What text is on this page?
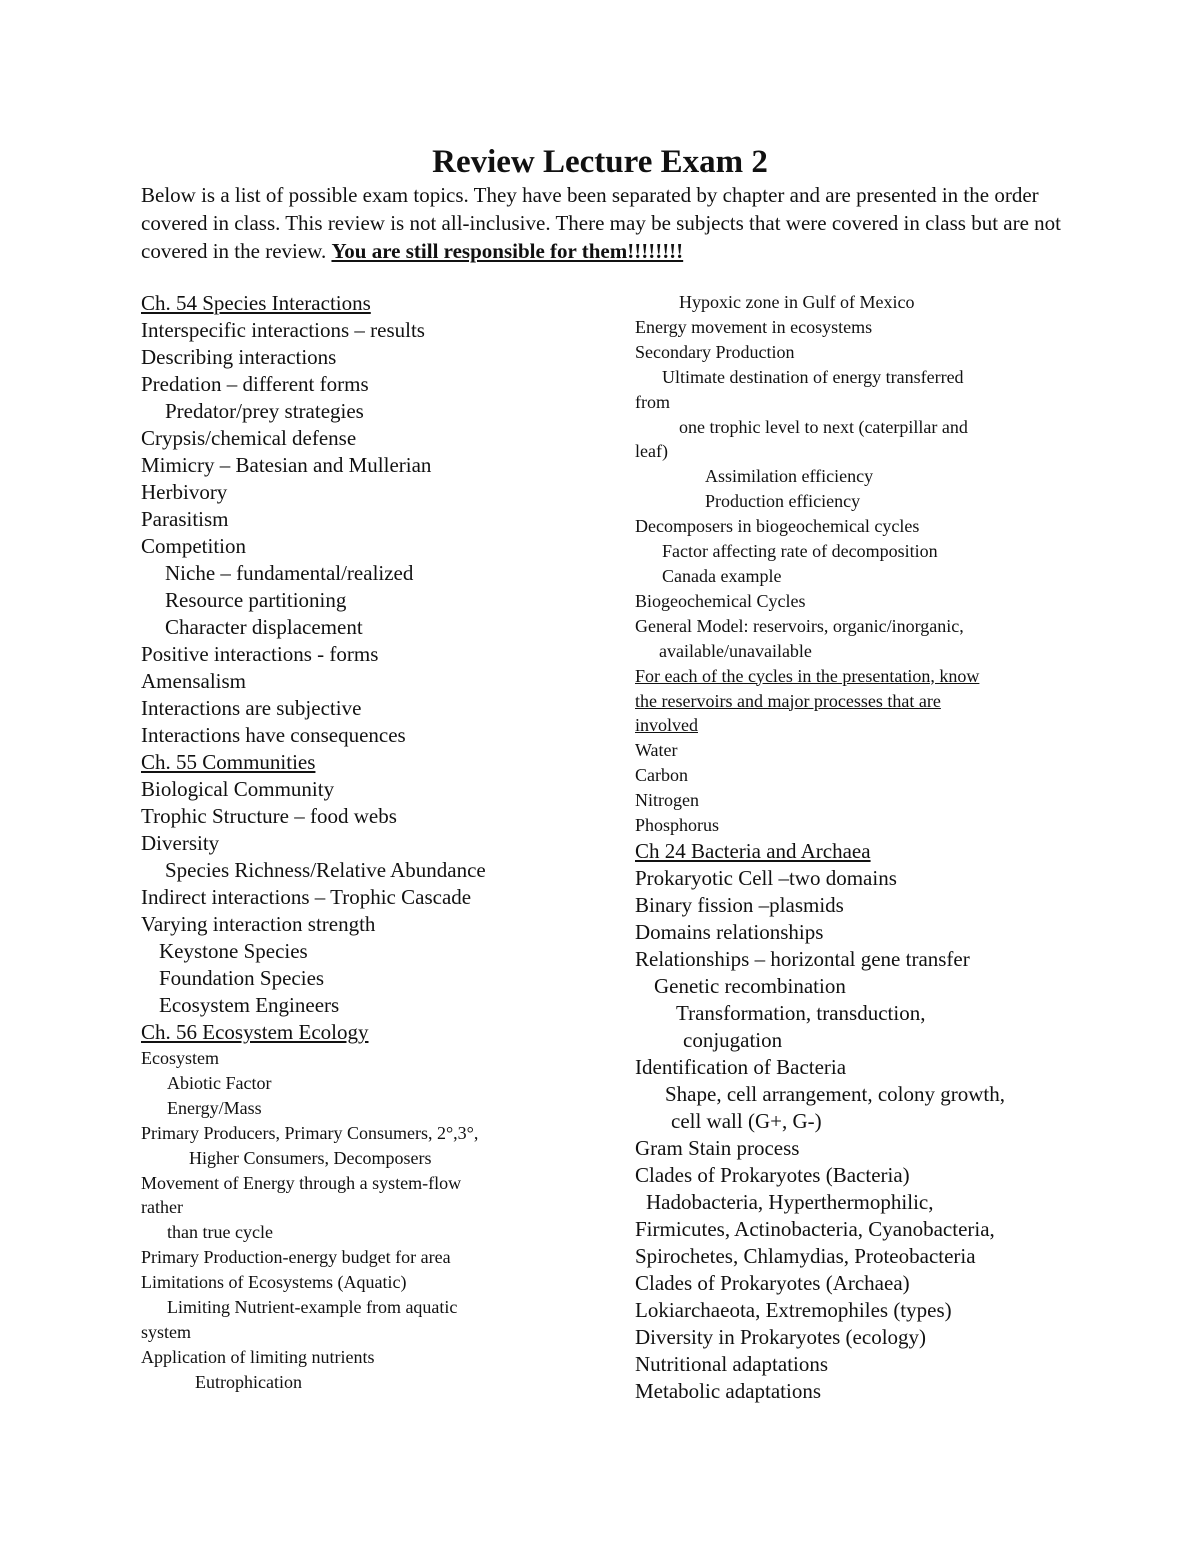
Review Lecture Exam 2
Below is a list of possible exam topics. They have been separated by chapter and are presented in the order covered in class. This review is not all-inclusive. There may be subjects that were covered in class but are not covered in the review. You are still responsible for them!!!!!!!!
Ch. 54 Species Interactions
Interspecific interactions – results
Describing interactions
Predation – different forms
Predator/prey strategies
Crypsis/chemical defense
Mimicry – Batesian and Mullerian
Herbivory
Parasitism
Competition
Niche – fundamental/realized
Resource partitioning
Character displacement
Positive interactions - forms
Amensalism
Interactions are subjective
Interactions have consequences
Ch. 55 Communities
Biological Community
Trophic Structure – food webs
Diversity
Species Richness/Relative Abundance
Indirect interactions – Trophic Cascade
Varying interaction strength
Keystone Species
Foundation Species
Ecosystem Engineers
Ch. 56 Ecosystem Ecology
Ecosystem
Abiotic Factor
Energy/Mass
Primary Producers, Primary Consumers, 2°,3°,
Higher Consumers, Decomposers
Movement of Energy through a system-flow
rather
than true cycle
Primary Production-energy budget for area
Limitations of Ecosystems (Aquatic)
Limiting Nutrient-example from aquatic
system
Application of limiting nutrients
Eutrophication
Hypoxic zone in Gulf of Mexico
Energy movement in ecosystems
Secondary Production
Ultimate destination of energy transferred
from
one trophic level to next (caterpillar and
leaf)
Assimilation efficiency
Production efficiency
Decomposers in biogeochemical cycles
Factor affecting rate of decomposition
Canada example
Biogeochemical Cycles
General Model: reservoirs, organic/inorganic,
available/unavailable
For each of the cycles in the presentation, know
the reservoirs and major processes that are
involved
Water
Carbon
Nitrogen
Phosphorus
Ch 24 Bacteria and Archaea
Prokaryotic Cell –two domains
Binary fission –plasmids
Domains relationships
Relationships – horizontal gene transfer
Genetic recombination
Transformation, transduction,
conjugation
Identification of Bacteria
Shape, cell arrangement, colony growth,
cell wall (G+, G-)
Gram Stain process
Clades of Prokaryotes (Bacteria)
Hadobacteria, Hyperthermophilic,
Firmicutes, Actinobacteria, Cyanobacteria,
Spirochetes, Chlamydias, Proteobacteria
Clades of Prokaryotes (Archaea)
Lokiarchaeota, Extremophiles (types)
Diversity in Prokaryotes (ecology)
Nutritional adaptations
Metabolic adaptations
